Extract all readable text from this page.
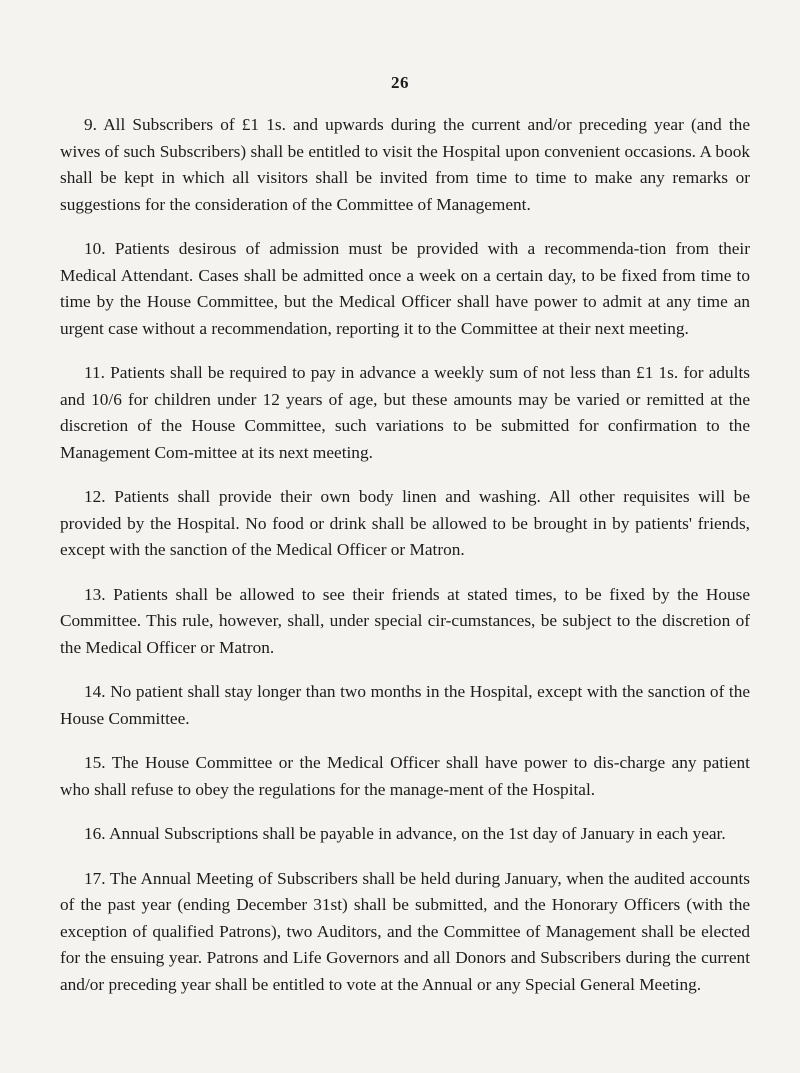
26

9. All Subscribers of £1 1s. and upwards during the current and/or preceding year (and the wives of such Subscribers) shall be entitled to visit the Hospital upon convenient occasions. A book shall be kept in which all visitors shall be invited from time to time to make any remarks or suggestions for the consideration of the Committee of Management.

10. Patients desirous of admission must be provided with a recommenda-tion from their Medical Attendant. Cases shall be admitted once a week on a certain day, to be fixed from time to time by the House Committee, but the Medical Officer shall have power to admit at any time an urgent case without a recommendation, reporting it to the Committee at their next meeting.

11. Patients shall be required to pay in advance a weekly sum of not less than £1 1s. for adults and 10/6 for children under 12 years of age, but these amounts may be varied or remitted at the discretion of the House Committee, such variations to be submitted for confirmation to the Management Com-mittee at its next meeting.

12. Patients shall provide their own body linen and washing. All other requisites will be provided by the Hospital. No food or drink shall be allowed to be brought in by patients' friends, except with the sanction of the Medical Officer or Matron.

13. Patients shall be allowed to see their friends at stated times, to be fixed by the House Committee. This rule, however, shall, under special cir-cumstances, be subject to the discretion of the Medical Officer or Matron.

14. No patient shall stay longer than two months in the Hospital, except with the sanction of the House Committee.

15. The House Committee or the Medical Officer shall have power to dis-charge any patient who shall refuse to obey the regulations for the manage-ment of the Hospital.

16. Annual Subscriptions shall be payable in advance, on the 1st day of January in each year.

17. The Annual Meeting of Subscribers shall be held during January, when the audited accounts of the past year (ending December 31st) shall be submitted, and the Honorary Officers (with the exception of qualified Patrons), two Auditors, and the Committee of Management shall be elected for the ensuing year. Patrons and Life Governors and all Donors and Subscribers during the current and/or preceding year shall be entitled to vote at the Annual or any Special General Meeting.
